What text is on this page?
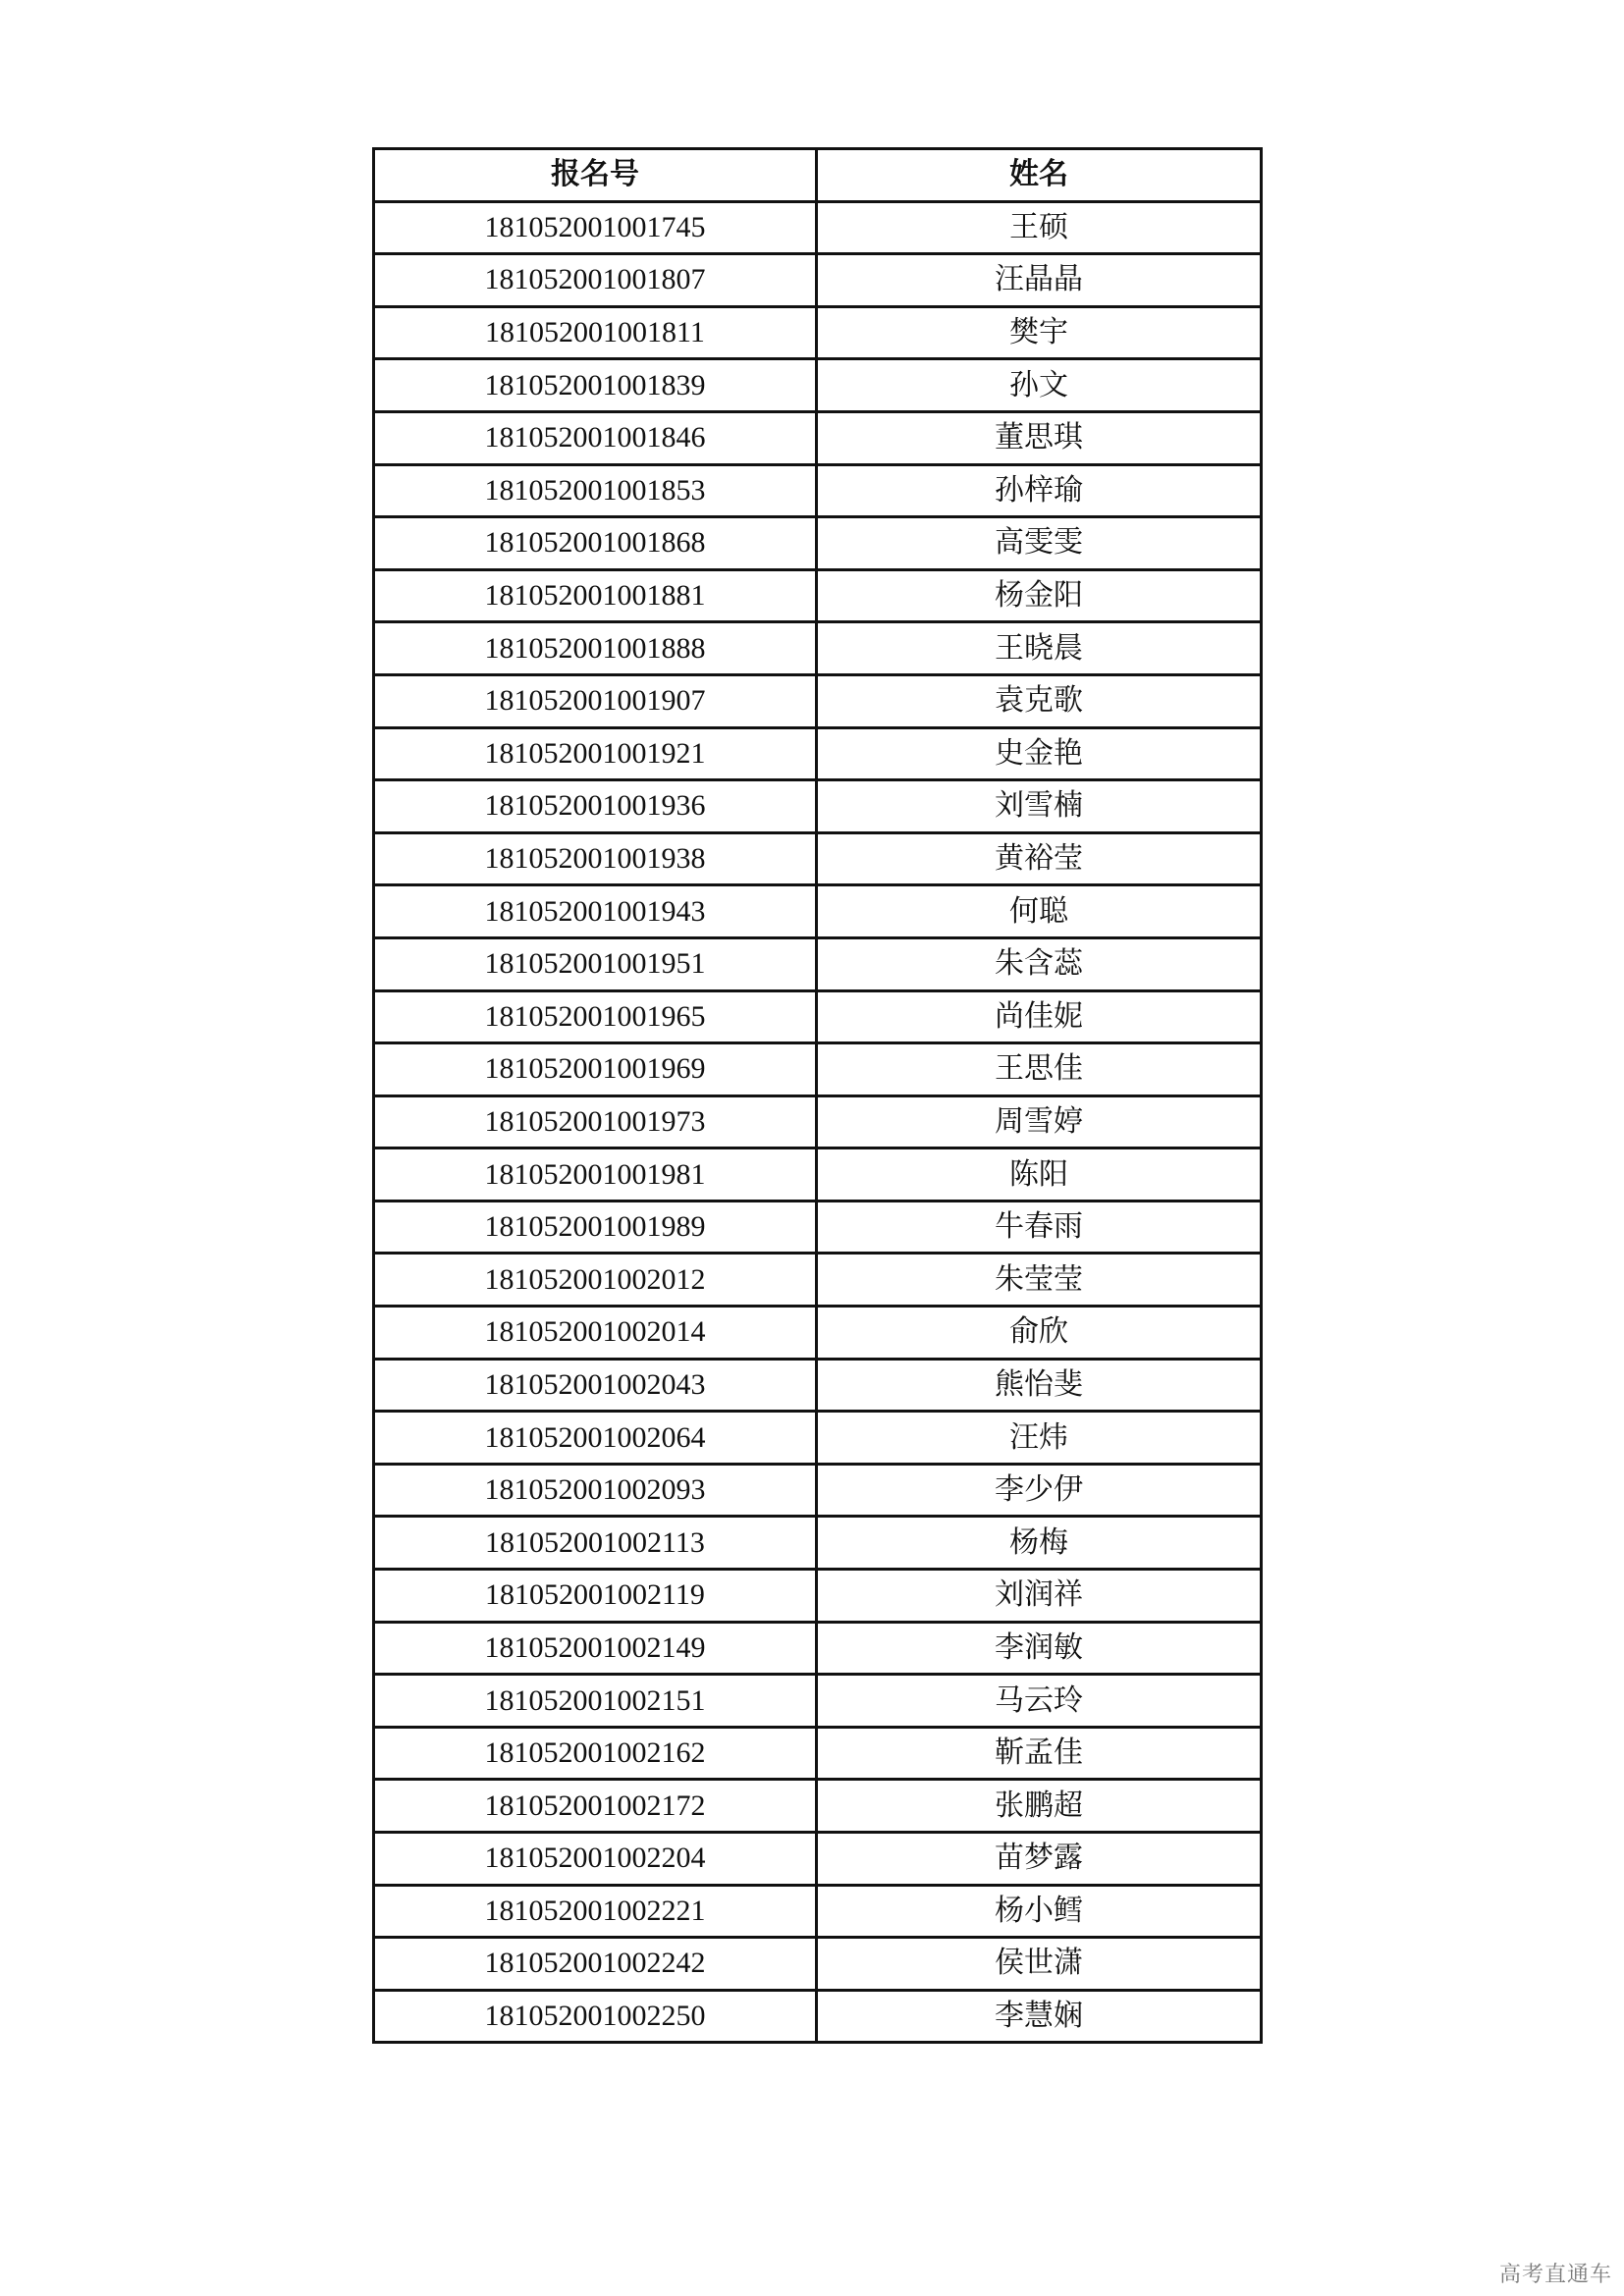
报名号	姓名
181052001001745	王硕
181052001001807	汪晶晶
181052001001811	樊宇
181052001001839	孙文
181052001001846	董思琪
181052001001853	孙梓瑜
181052001001868	高雯雯
181052001001881	杨金阳
181052001001888	王晓晨
181052001001907	袁克歌
181052001001921	史金艳
181052001001936	刘雪楠
181052001001938	黄裕莹
181052001001943	何聪
181052001001951	朱含蕊
181052001001965	尚佳妮
181052001001969	王思佳
181052001001973	周雪婷
181052001001981	陈阳
181052001001989	牛春雨
181052001002012	朱莹莹
181052001002014	俞欣
181052001002043	熊怡斐
181052001002064	汪炜
181052001002093	李少伊
181052001002113	杨梅
181052001002119	刘润祥
181052001002149	李润敏
181052001002151	马云玲
181052001002162	靳孟佳
181052001002172	张鹏超
181052001002204	苗梦露
181052001002221	杨小鳕
181052001002242	侯世潇
181052001002250	李慧娴
高考直通车
